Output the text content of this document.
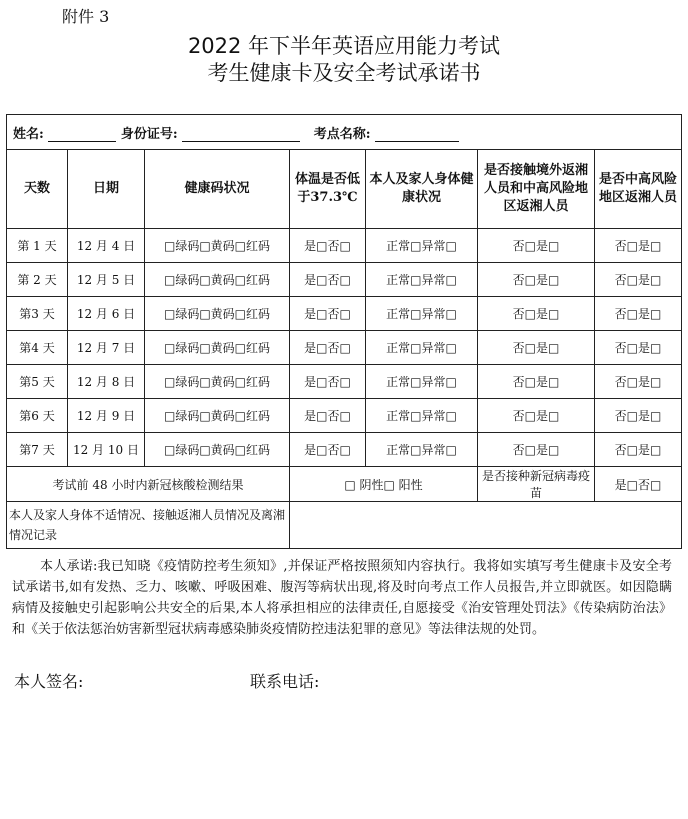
附件 3
2022 年下半年英语应用能力考试
考生健康卡及安全考试承诺书
姓名: 身份证号: 考点名称:						
天数	日期	健康码状况	体温是否低于37.3℃	本人及家人身体健康状况	是否接触境外返湘人员和中高风险地区返湘人员	是否中高风险地区返湘人员
第 1 天	12 月 4 日	□绿码□黄码□红码	是□否□	正常□异常□	否□是□	否□是□
第 2 天	12 月 5 日	□绿码□黄码□红码	是□否□	正常□异常□	否□是□	否□是□
第3 天	12 月 6 日	□绿码□黄码□红码	是□否□	正常□异常□	否□是□	否□是□
第4 天	12 月 7 日	□绿码□黄码□红码	是□否□	正常□异常□	否□是□	否□是□
第5 天	12 月 8 日	□绿码□黄码□红码	是□否□	正常□异常□	否□是□	否□是□
第6 天	12 月 9 日	□绿码□黄码□红码	是□否□	正常□异常□	否□是□	否□是□
第7 天	12 月 10 日	□绿码□黄码□红码	是□否□	正常□异常□	否□是□	否□是□
考试前 48 小时内新冠核酸检测结果			□ 阴性□ 阳性		是否接种新冠病毒疫苗	是□否□
本人及家人身体不适情况、接触返湘人员情况及离湘情况记录						
本人承诺:我已知晓《疫情防控考生须知》,并保证严格按照须知内容执行。我将如实填写考生健康卡及安全考试承诺书,如有发热、乏力、咳嗽、呼吸困难、腹泻等病状出现,将及时向考点工作人员报告,并立即就医。如因隐瞒病情及接触史引起影响公共安全的后果,本人将承担相应的法律责任,自愿接受《治安管理处罚法》《传染病防治法》和《关于依法惩治妨害新型冠状病毒感染肺炎疫情防控违法犯罪的意见》等法律法规的处罚。
本人签名:	联系电话:
